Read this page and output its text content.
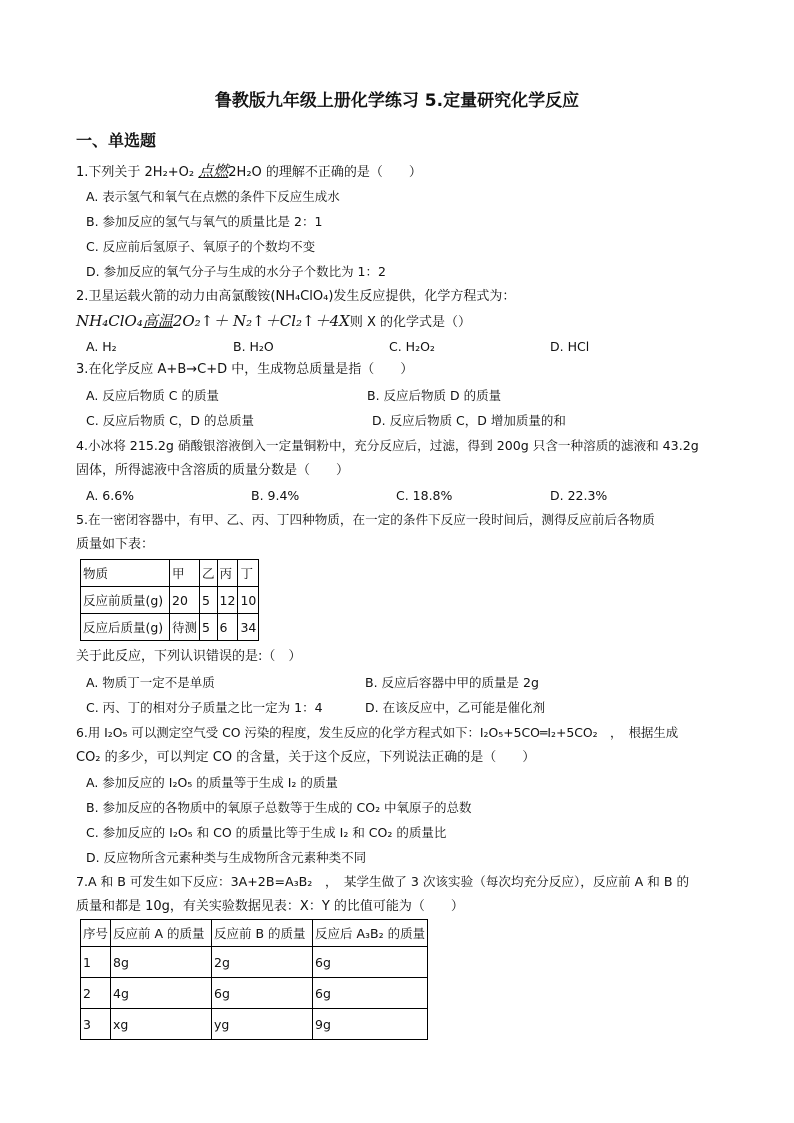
鲁教版九年级上册化学练习 5.定量研究化学反应
一、单选题
1.下列关于 2H₂+O₂ 点燃2H₂O 的理解不正确的是（　　）
A. 表示氢气和氧气在点燃的条件下反应生成水
B. 参加反应的氢气与氧气的质量比是 2：1
C. 反应前后氢原子、氧原子的个数均不变
D. 参加反应的氧气分子与生成的水分子个数比为 1：2
2.卫星运载火箭的动力由高氯酸铵(NH₄ClO₄)发生反应提供，化学方程式为：
NH₄ClO₄高温2O₂↑＋ N₂↑＋Cl₂↑＋4X则 X 的化学式是（）
A. H₂	B. H₂O	C. H₂O₂	D. HCl
3.在化学反应 A+B→C+D 中，生成物总质量是指（　　）
A. 反应后物质 C 的质量	B. 反应后物质 D 的质量
C. 反应后物质 C，D 的总质量	D. 反应后物质 C，D 增加质量的和
4.小冰将 215.2g 硝酸银溶液倒入一定量铜粉中，充分反应后，过滤，得到 200g 只含一种溶质的滤液和 43.2g
固体，所得滤液中含溶质的质量分数是（　　）
A. 6.6%	B. 9.4%	C. 18.8%	D. 22.3%
5.在一密闭容器中，有甲、乙、丙、丁四种物质，在一定的条件下反应一段时间后，测得反应前后各物质
质量如下表：
物质	甲	乙	丙	丁
反应前质量(g)	20	5	12	10
反应后质量(g)	待测	5	6	34
关于此反应，下列认识错误的是:（　）
A. 物质丁一定不是单质	B. 反应后容器中甲的质量是 2g
C. 丙、丁的相对分子质量之比一定为 1：4	D. 在该反应中，乙可能是催化剂
6.用 I₂O₅ 可以测定空气受 CO 污染的程度，发生反应的化学方程式如下：I₂O₅+5CO═I₂+5CO₂　，　根据生成
CO₂ 的多少，可以判定 CO 的含量，关于这个反应，下列说法正确的是（　　）
A. 参加反应的 I₂O₅ 的质量等于生成 I₂ 的质量
B. 参加反应的各物质中的氧原子总数等于生成的 CO₂ 中氧原子的总数
C. 参加反应的 I₂O₅ 和 CO 的质量比等于生成 I₂ 和 CO₂ 的质量比
D. 反应物所含元素种类与生成物所含元素种类不同
7.A 和 B 可发生如下反应：3A+2B=A₃B₂　，　某学生做了 3 次该实验（每次均充分反应），反应前 A 和 B 的
质量和都是 10g，有关实验数据见表：X：Y 的比值可能为（　　）
序号	反应前 A 的质量	反应前 B 的质量	反应后 A₃B₂ 的质量
1	8g	2g	6g
2	4g	6g	6g
3	xg	yg	9g
